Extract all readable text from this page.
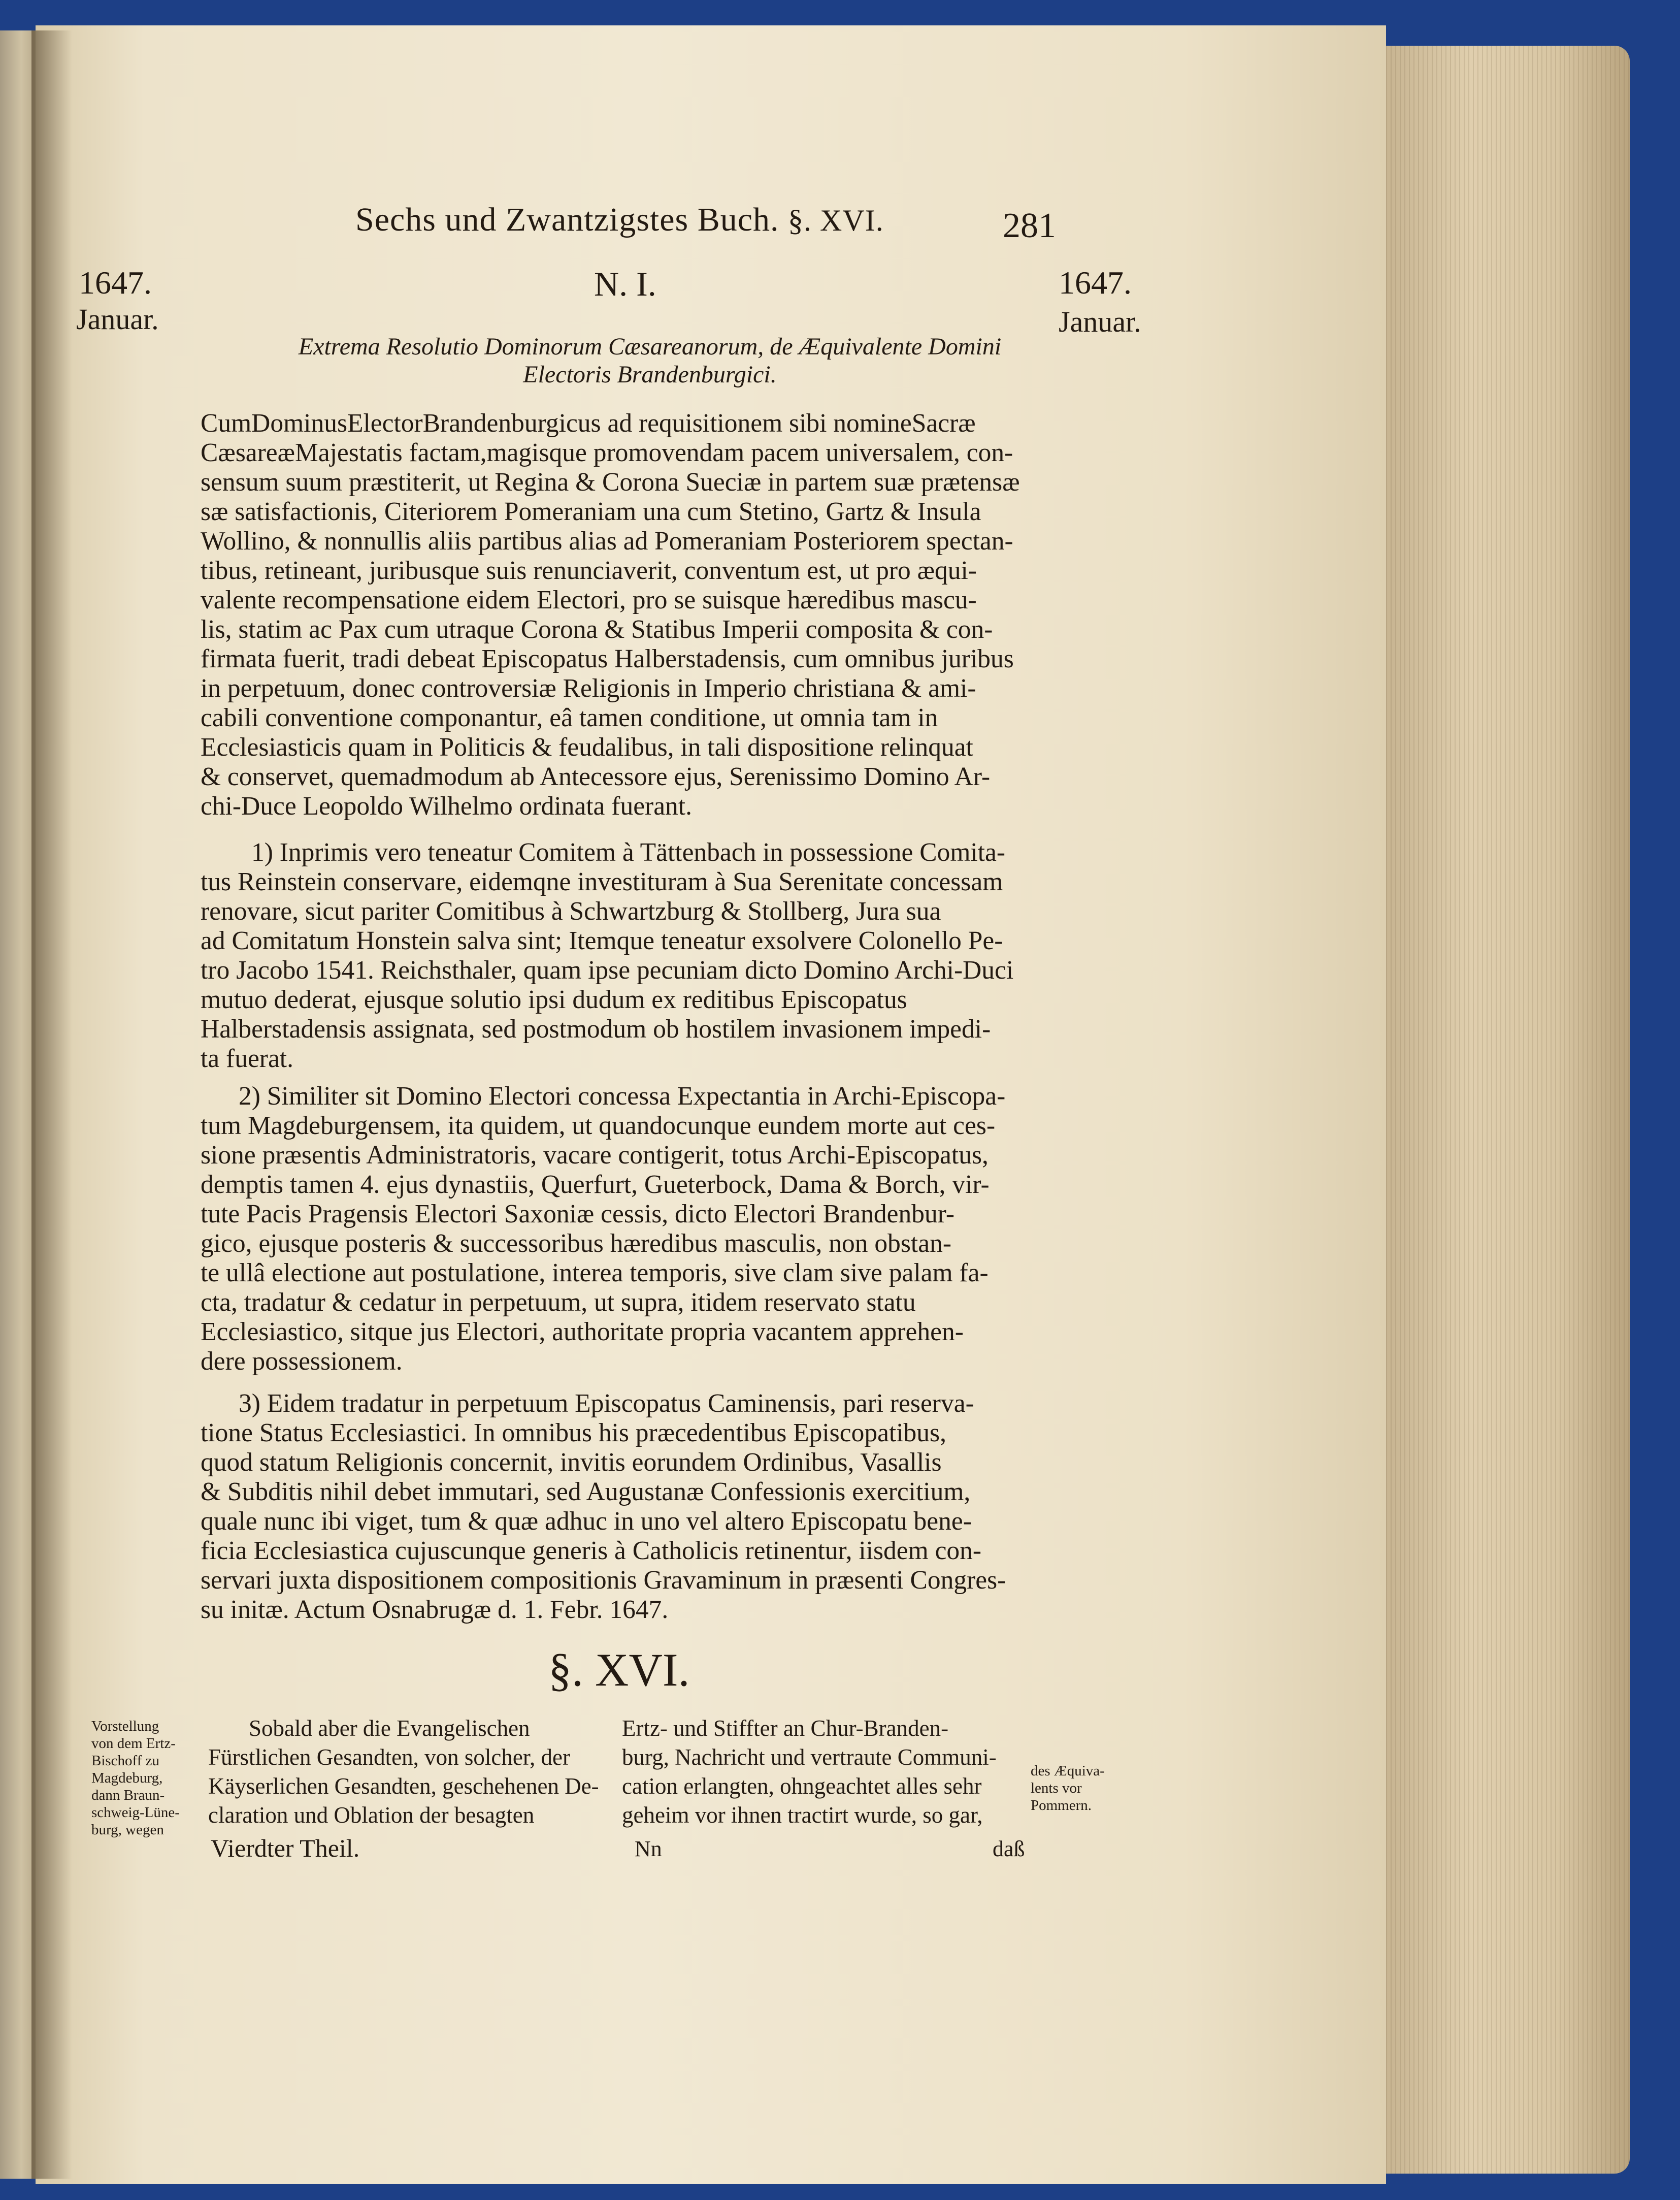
Sechs und Zwantzigstes Buch. §. XVI.	281

1647.

Januar.

1647.

Januar.

N. I.

Extrema Resolutio Dominorum Cæsareanorum, de Æquivalente Domini

Electoris Brandenburgici.

CumDominusElectorBrandenburgicus ad requisitionem sibi nomineSacræ

CæsareæMajestatis factam,magisque promovendam pacem universalem, con-

sensum suum præstiterit, ut Regina & Corona Sueciæ in partem suæ prætensæ

sæ satisfactionis, Citeriorem Pomeraniam una cum Stetino, Gartz & Insula

Wollino, & nonnullis aliis partibus alias ad Pomeraniam Posteriorem spectan-

tibus, retineant, juribusque suis renunciaverit, conventum est, ut pro æqui-

valente recompensatione eidem Electori, pro se suisque hæredibus mascu-

lis, statim ac Pax cum utraque Corona & Statibus Imperii composita & con-

firmata fuerit, tradi debeat Episcopatus Halberstadensis, cum omnibus juribus

in perpetuum, donec controversiæ Religionis in Imperio christiana & ami-

cabili conventione componantur, eâ tamen conditione, ut omnia tam in

Ecclesiasticis quam in Politicis & feudalibus, in tali dispositione relinquat

& conservet, quemadmodum ab Antecessore ejus, Serenissimo Domino Ar-

chi-Duce Leopoldo Wilhelmo ordinata fuerant.

1) Inprimis vero teneatur Comitem à Tättenbach in possessione Comita-

tus Reinstein conservare, eidemqne investituram à Sua Serenitate concessam

renovare, sicut pariter Comitibus à Schwartzburg & Stollberg, Jura sua

ad Comitatum Honstein salva sint; Itemque teneatur exsolvere Colonello Pe-

tro Jacobo 1541. Reichsthaler, quam ipse pecuniam dicto Domino Archi-Duci

mutuo dederat, ejusque solutio ipsi dudum ex reditibus Episcopatus

Halberstadensis assignata, sed postmodum ob hostilem invasionem impedi-

ta fuerat.

2) Similiter sit Domino Electori concessa Expectantia in Archi-Episcopa-

tum Magdeburgensem, ita quidem, ut quandocunque eundem morte aut ces-

sione præsentis Administratoris, vacare contigerit, totus Archi-Episcopatus,

demptis tamen 4. ejus dynastiis, Querfurt, Gueterbock, Dama & Borch, vir-

tute Pacis Pragensis Electori Saxoniæ cessis, dicto Electori Brandenbur-

gico, ejusque posteris & successoribus hæredibus masculis, non obstan-

te ullâ electione aut postulatione, interea temporis, sive clam sive palam fa-

cta, tradatur & cedatur in perpetuum, ut supra, itidem reservato statu

Ecclesiastico, sitque jus Electori, authoritate propria vacantem apprehen-

dere possessionem.

3) Eidem tradatur in perpetuum Episcopatus Caminensis, pari reserva-

tione Status Ecclesiastici. In omnibus his præcedentibus Episcopatibus,

quod statum Religionis concernit, invitis eorundem Ordinibus, Vasallis

& Subditis nihil debet immutari, sed Augustanæ Confessionis exercitium,

quale nunc ibi viget, tum & quæ adhuc in uno vel altero Episcopatu bene-

ficia Ecclesiastica cujuscunque generis à Catholicis retinentur, iisdem con-

servari juxta dispositionem compositionis Gravaminum in præsenti Congres-

su initæ. Actum Osnabrugæ d. 1. Febr. 1647.

§. XVI.

Vorstellung

von dem Ertz-

Bischoff zu

Magdeburg,

dann Braun-

schweig-Lüne-

burg, wegen

Sobald aber die Evangelischen

Fürstlichen Gesandten, von solcher, der

Käyserlichen Gesandten, geschehenen De-

claration und Oblation der besagten

Ertz- und Stiffter an Chur-Branden-

burg, Nachricht und vertraute Communi-

cation erlangten, ohngeachtet alles sehr

geheim vor ihnen tractirt wurde, so gar,

des Æquiva-

lents vor

Pommern.

Vierdter Theil.	Nn	daß
